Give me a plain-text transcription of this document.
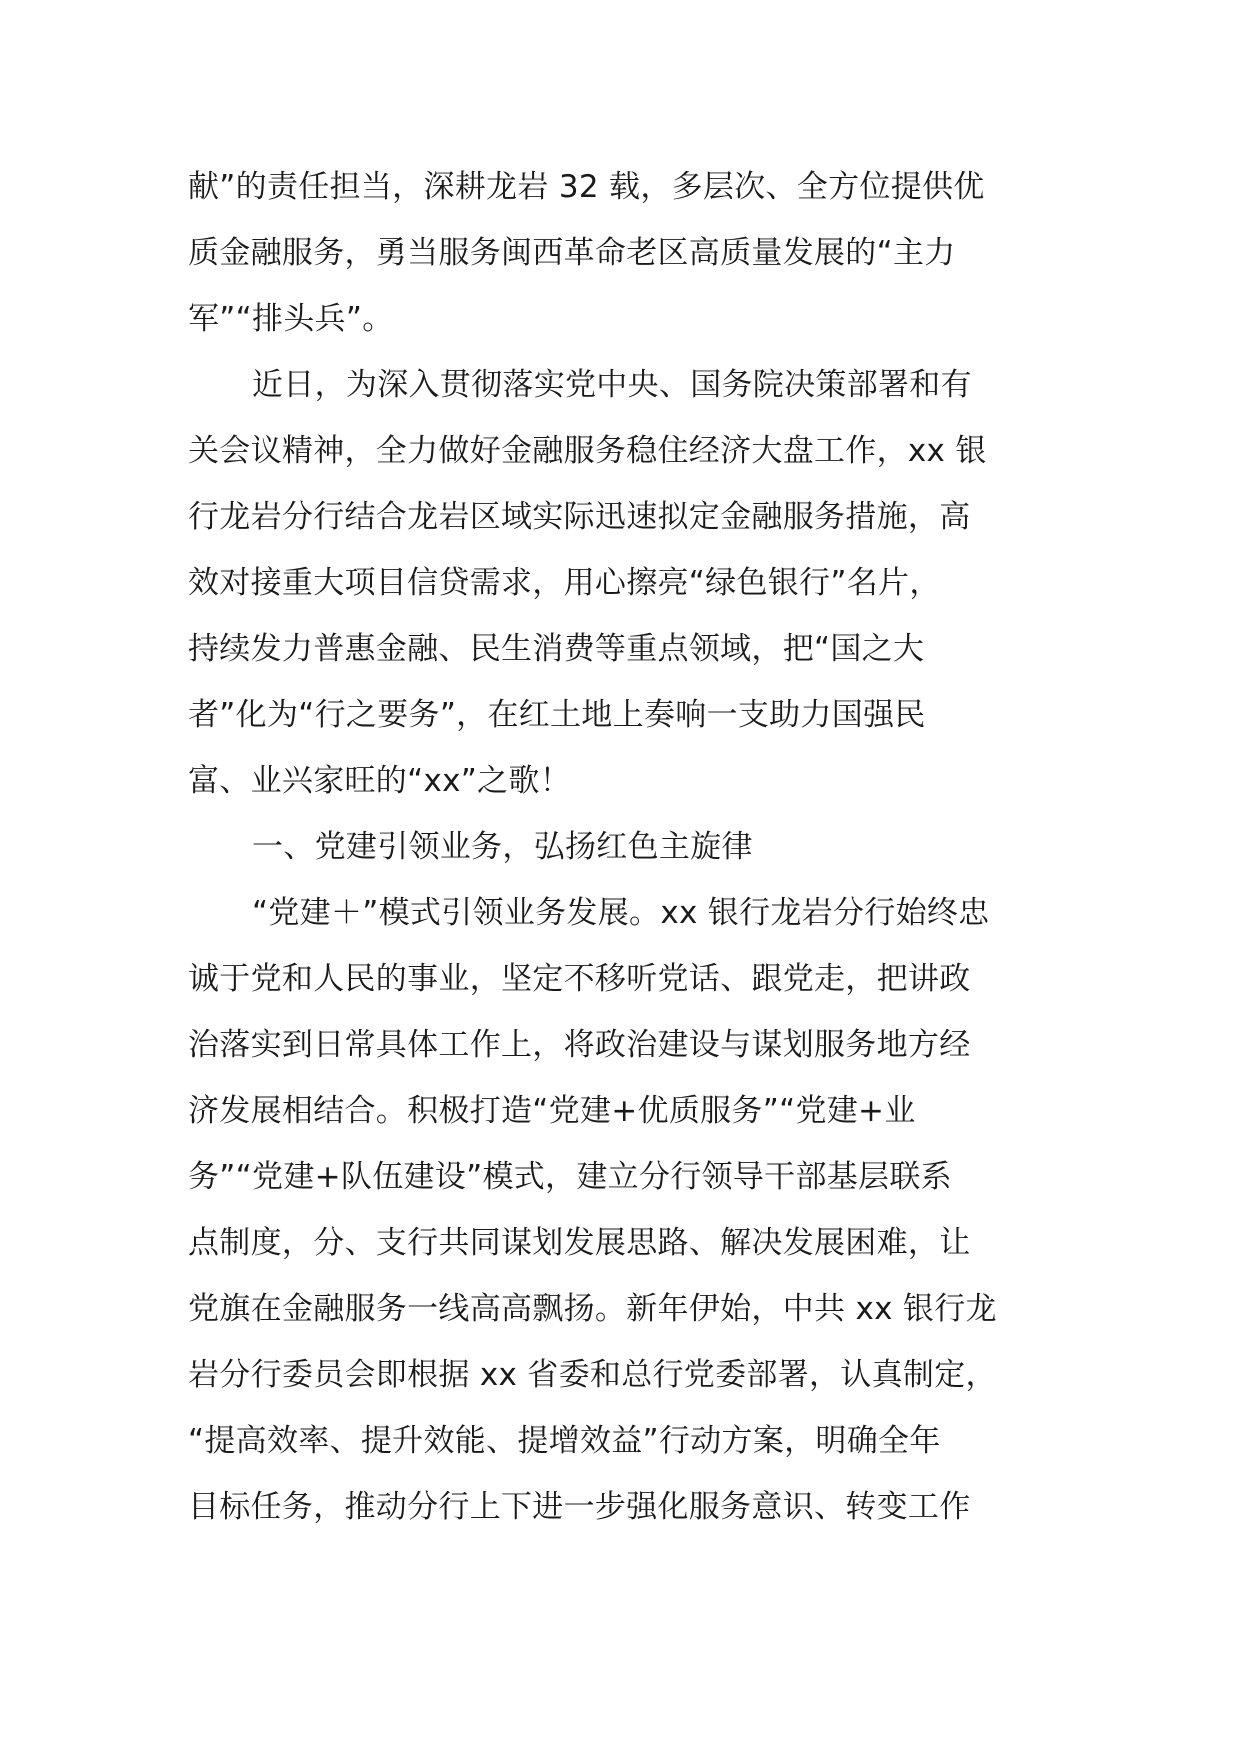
献”的责任担当，深耕龙岩 32 载，多层次、全方位提供优
质金融服务，勇当服务闽西革命老区高质量发展的“主力
军”“排头兵”。
近日，为深入贯彻落实党中央、国务院决策部署和有
关会议精神，全力做好金融服务稳住经济大盘工作，xx 银
行龙岩分行结合龙岩区域实际迅速拟定金融服务措施，高
效对接重大项目信贷需求，用心擦亮“绿色银行”名片，
持续发力普惠金融、民生消费等重点领域，把“国之大
者”化为“行之要务”，在红土地上奏响一支助力国强民
富、业兴家旺的“xx”之歌！
一、党建引领业务，弘扬红色主旋律
“党建＋”模式引领业务发展。xx 银行龙岩分行始终忠
诚于党和人民的事业，坚定不移听党话、跟党走，把讲政
治落实到日常具体工作上，将政治建设与谋划服务地方经
济发展相结合。积极打造“党建+优质服务”“党建+业
务”“党建+队伍建设”模式，建立分行领导干部基层联系
点制度，分、支行共同谋划发展思路、解决发展困难，让
党旗在金融服务一线高高飘扬。新年伊始，中共 xx 银行龙
岩分行委员会即根据 xx 省委和总行党委部署，认真制定，
“提高效率、提升效能、提增效益”行动方案，明确全年
目标任务，推动分行上下进一步强化服务意识、转变工作
